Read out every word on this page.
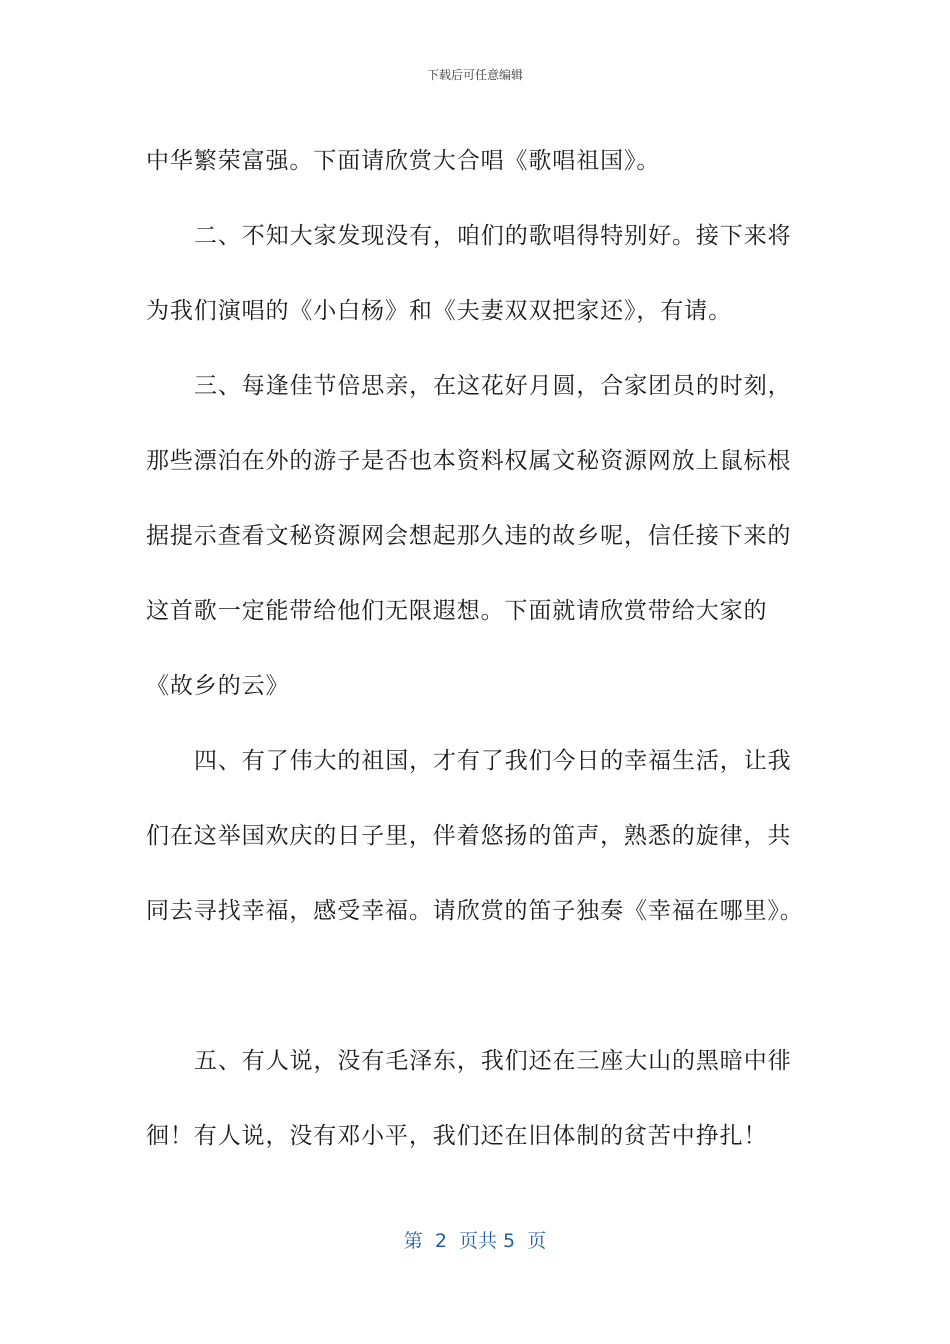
下载后可任意编辑
中华繁荣富强。下面请欣赏大合唱《歌唱祖国》。
二、不知大家发现没有，咱们的歌唱得特别好。接下来将
为我们演唱的《小白杨》和《夫妻双双把家还》，有请。
三、每逢佳节倍思亲，在这花好月圆，合家团员的时刻，
那些漂泊在外的游子是否也本资料权属文秘资源网放上鼠标根
据提示查看文秘资源网会想起那久违的故乡呢，信任接下来的
这首歌一定能带给他们无限遐想。下面就请欣赏带给大家的
《故乡的云》
四、有了伟大的祖国，才有了我们今日的幸福生活，让我
们在这举国欢庆的日子里，伴着悠扬的笛声，熟悉的旋律，共
同去寻找幸福，感受幸福。请欣赏的笛子独奏《幸福在哪里》。
五、有人说，没有毛泽东，我们还在三座大山的黑暗中徘
徊！有人说，没有邓小平，我们还在旧体制的贫苦中挣扎！
第  2  页共 5  页
